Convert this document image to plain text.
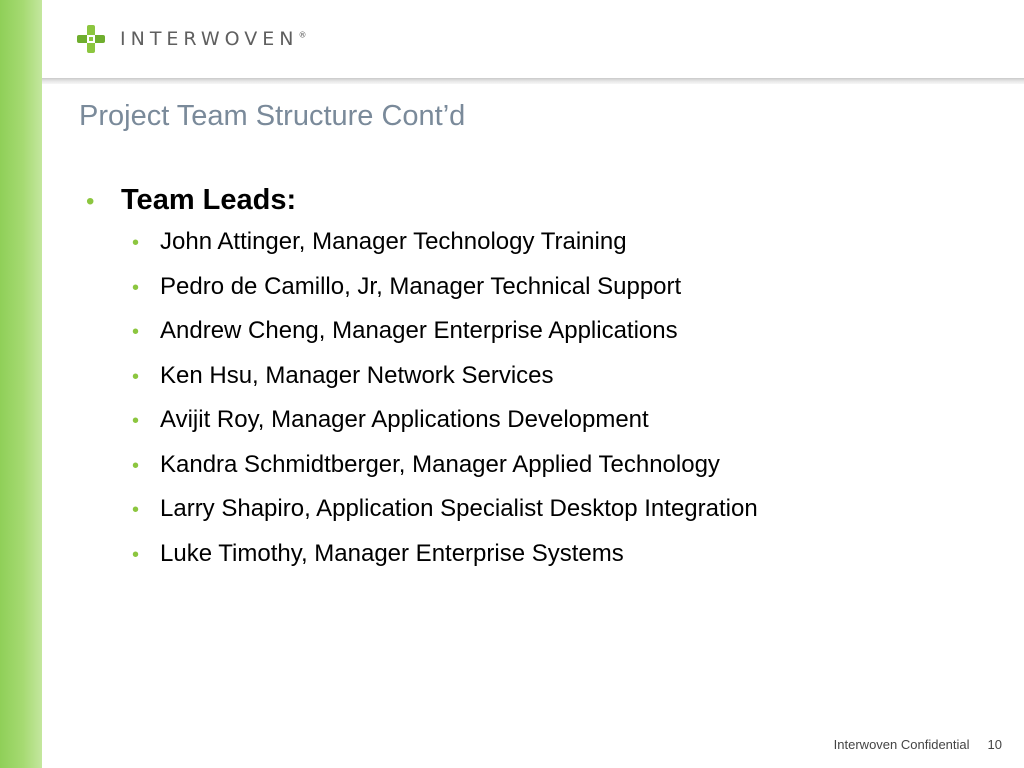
INTERWOVEN®
Project Team Structure Cont’d
• Team Leads:
• John Attinger, Manager Technology Training
• Pedro de Camillo, Jr, Manager Technical Support
• Andrew Cheng, Manager Enterprise Applications
• Ken Hsu, Manager Network Services
• Avijit Roy, Manager Applications Development
• Kandra Schmidtberger, Manager Applied Technology
• Larry Shapiro, Application Specialist Desktop Integration
• Luke Timothy, Manager Enterprise Systems
Interwoven Confidential 10
